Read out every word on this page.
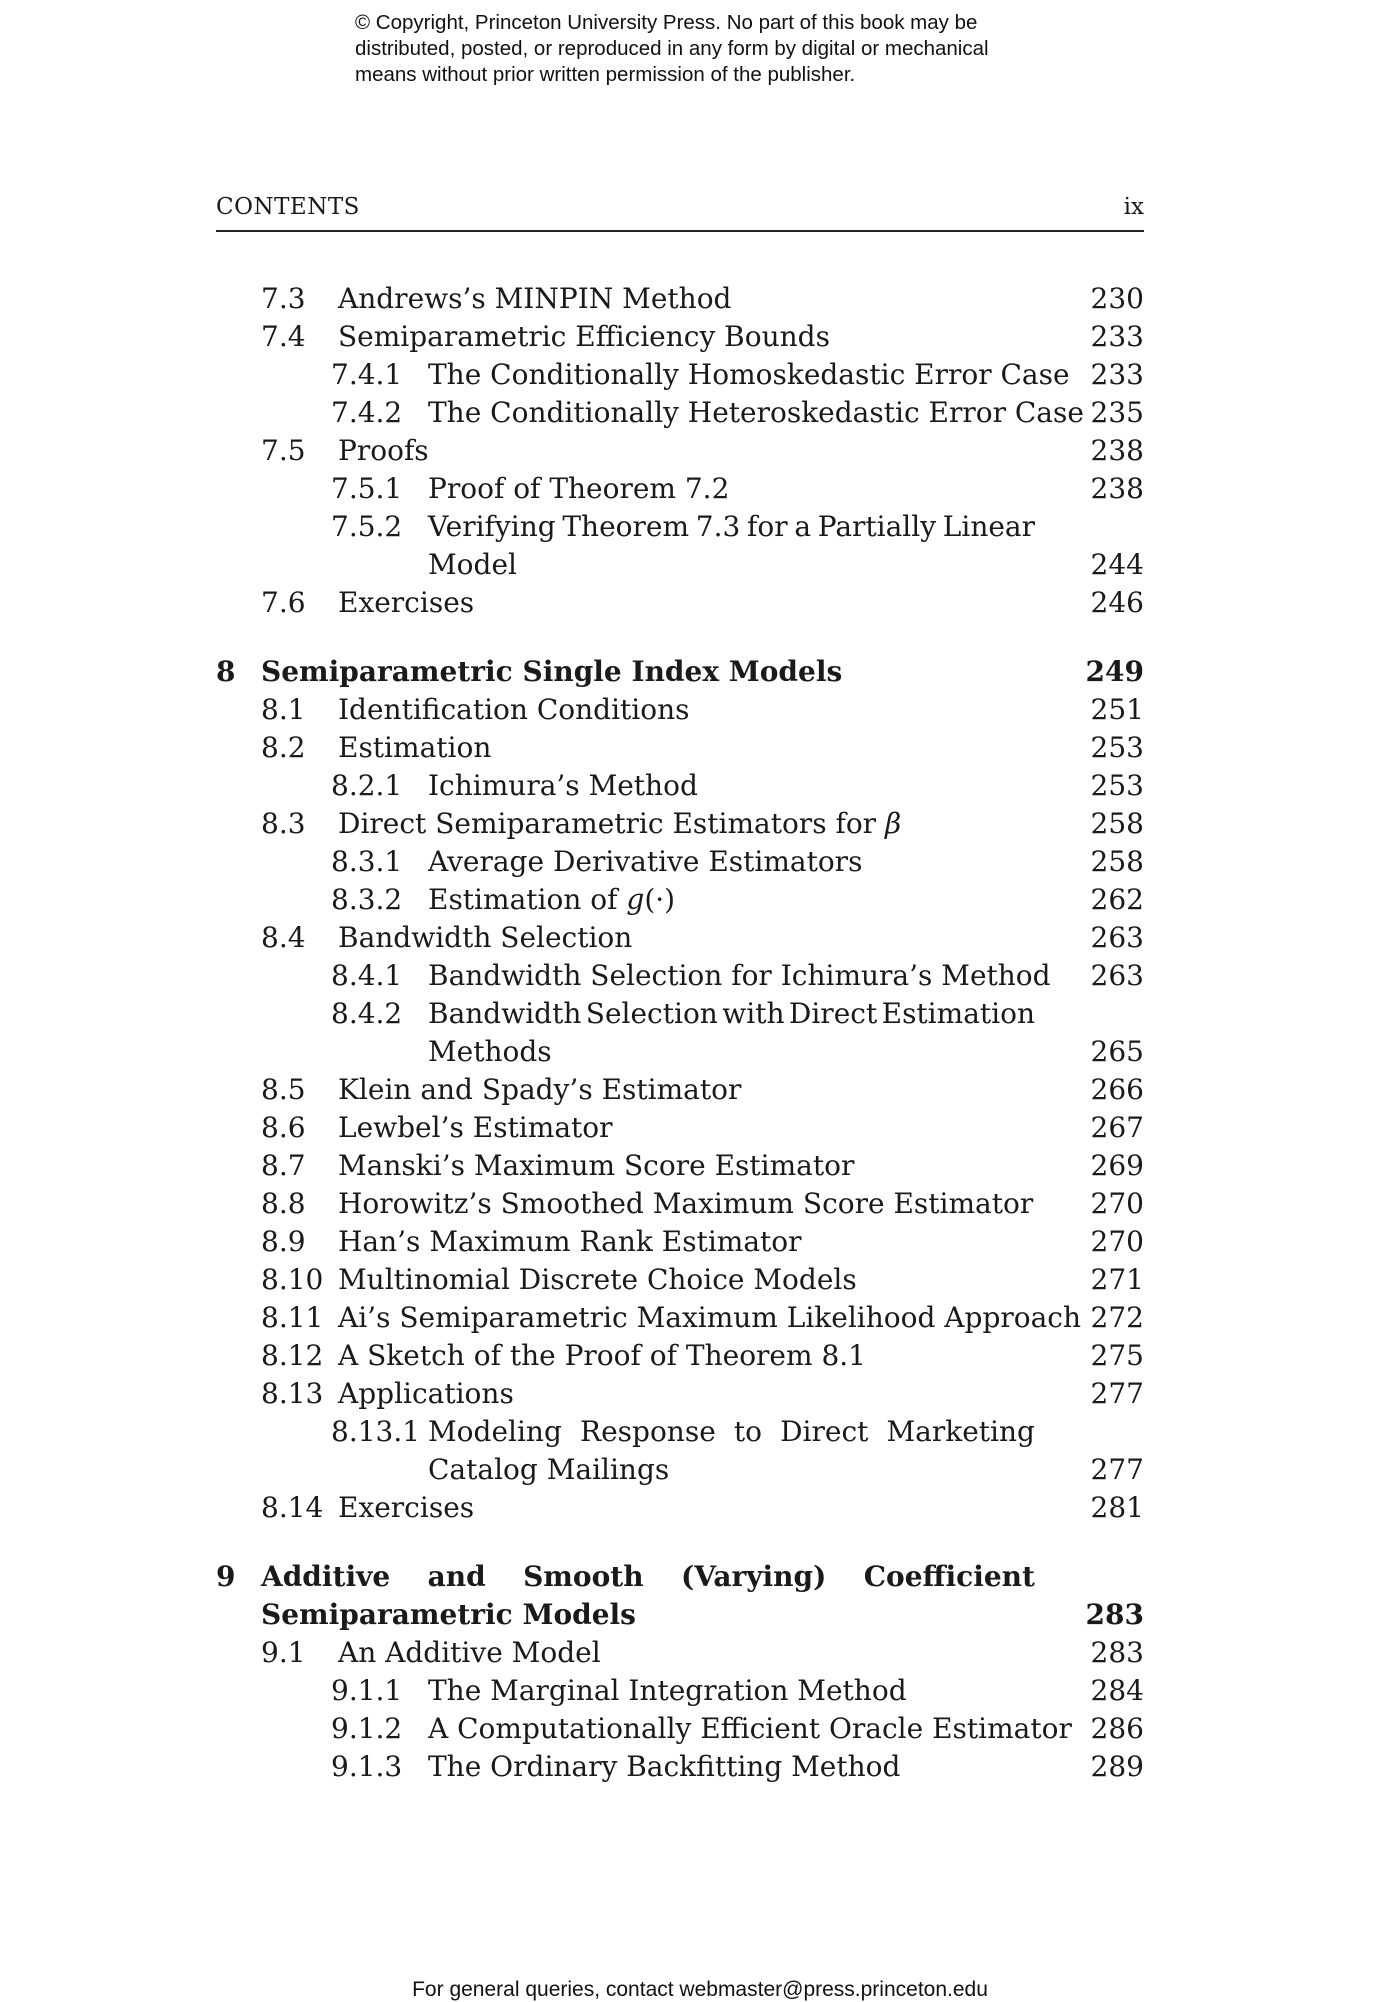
© Copyright, Princeton University Press. No part of this book may be
distributed, posted, or reproduced in any form by digital or mechanical
means without prior written permission of the publisher.
CONTENTS	ix
7.3 Andrews’s MINPIN Method	230
7.4 Semiparametric Efficiency Bounds	233
7.4.1 The Conditionally Homoskedastic Error Case 233
7.4.2 The Conditionally Heteroskedastic Error Case 235
7.5 Proofs	238
7.5.1 Proof of Theorem 7.2	238
7.5.2 Verifying Theorem 7.3 for a Partially Linear
Model	244
7.6 Exercises	246
8 Semiparametric Single Index Models	249
8.1 Identification Conditions	251
8.2 Estimation	253
8.2.1 Ichimura’s Method	253
8.3 Direct Semiparametric Estimators for β	258
8.3.1 Average Derivative Estimators	258
8.3.2 Estimation of g(·)	262
8.4 Bandwidth Selection	263
8.4.1 Bandwidth Selection for Ichimura’s Method 263
8.4.2 Bandwidth Selection with Direct Estimation
Methods	265
8.5 Klein and Spady’s Estimator	266
8.6 Lewbel’s Estimator	267
8.7 Manski’s Maximum Score Estimator	269
8.8 Horowitz’s Smoothed Maximum Score Estimator 270
8.9 Han’s Maximum Rank Estimator	270
8.10 Multinomial Discrete Choice Models	271
8.11 Ai’s Semiparametric Maximum Likelihood Approach 272
8.12 A Sketch of the Proof of Theorem 8.1	275
8.13 Applications	277
8.13.1 Modeling Response to Direct Marketing
Catalog Mailings	277
8.14 Exercises	281
9 Additive and Smooth (Varying) Coefficient
Semiparametric Models	283
9.1 An Additive Model	283
9.1.1 The Marginal Integration Method	284
9.1.2 A Computationally Efficient Oracle Estimator 286
9.1.3 The Ordinary Backfitting Method	289
For general queries, contact webmaster@press.princeton.edu
